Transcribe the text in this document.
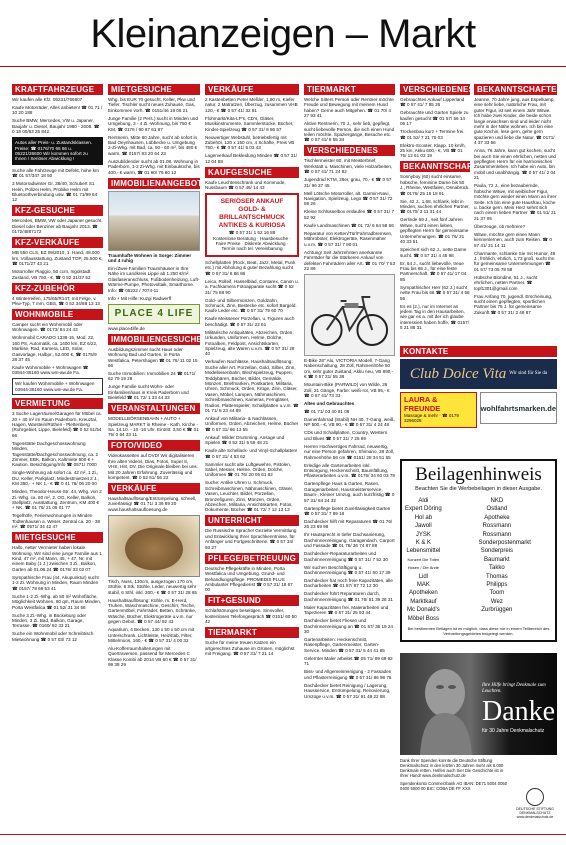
Kleinanzeigen – Markt
KRAFTFAHRZEUGE
Wir kaufen alle Kfz. 05231/766607
Kaufe Motorräder, Alles anbieten! ☎ 01 71 / 10 20 188
Suche BMW, Mercedes, VW u. Japaner, Baujahr u. Diesel, Baujahr 1980 - 2008. ☎ 0 18 00/63 25 842
Autos aller Preis- u. Zustandsklassen. Preise: ☎ 0176/70 66 66 u. 05221/36600 Wir kommen sofort zu Ihnen ! Seriöser Abwicklung !
Suche alle Fahrzeuge mit Defekt, hohe km ☎ 01 57/347 18 50
3 Motorradwinter Gr. 38/40, Schubert S1 Helm, Polizei Helm, Probike Helm mit Bluetoothverbindung usw. ☎ 01 71/99 64 12
KFZ-GESUCHE
Mercedes, BMW, VW oder Japaner gesucht. Diesel oder Benziner ab Baujahr 2013. ☎ 0172/4887172
KFZ-VERKÄUFE
MB 550 CLS, EZ 09/2010, 1. Hand, 48.000 km, Vollausstattung, Zustand TOP, 25.500 €, ☎ 0171/27 43 21
Motorroller Piaggio, 50 ccm, Ingolstadt Zustand, VB 750,- €, ☎ 0 52 31/37 52
KFZ-ZUBEHÖR
4 Winterreifen, 175/65/R14T, mit Felge, v. Pkw-Typ, 7 mm, GBS, ☎ 0 52 34/88 13 13
WOHNMOBILE
Camper sucht ein Wohnmobil oder Wohnwagen. ☎ 0173/ 84 24 43
Wohnmobil CARADO 1338-15, Mod. 22, 160 PS, Automatik, ca. 1400 km, EZ 6/22, Markise, Rad, Kamera, LED, Solar, Gasvorlage, Halbpr., 52.000 €, ☎ 0175/9 28 37 45
Kaufe Wohnmobile + Wohnwagen ☎ 03944-36160 www.wm-aw.de Fa.
Wir kaufen Wohnmobile + Wohnwagen 03944-36160 www.wm-aw.de Fa.
VERMIETUNG
3 Suche Lagerräume/Garagen für Möbel ca. 20 + 40 m² im Raum Paderborn, Kreuztal, Hagen, Warstein/Rüthen - Plettenberg (Ruhrgebiet, Lippe, Bielefeld) ☎ 0 52 51/54 66
Tagesstätte Dachgeschosswohnung Minden, Tagesstätte/Dachgeschosswohnung, ca. 2 Zimmer, EBK, Balkon, Kaltmiete 600 € + Kaution. Besichtigung/Info ☎ 0571/ 7000
Single-Wohnung ab sofort ca. 42 m², 1 Zi., DU, Keller, Parkplatz, Mindestmietzeit 2 J., KM 350,- + NK 1,- € ☎ 0 41 76/ 06 20 00
Minden, Theodor-Heuss-Str. 44, Whg. von 2 Zi.-Whg. ca. 60 m², 2. OG, Keller, Balkon, Stellplatz, Ausstattung, Zentrum, KM 400 € + NK. ☎ 01 76/ 21 06 01 77
Tegelhöfe, Ferienwohnungen in Minden Todtenhausen a. Weser. Zentral ca. 20 - 38 m². ☎ 0571/ 34 42 47
MIETGESUCHE
Hallo, netter Vermieter haben lokale Wohnung, Wir sind eine junge Familie aus 1 Kind, 47 m², mit Mann, 45, + 47, Nr. mit einem Baby (1 J.) zwischen 3 Zi., Balkon, Garten ab 01.06.24 ☎ 0176/ 33 02 07
Sympathische Frau (44, Akupunktur) sucht 1-2 Zi. Wohnung in Minden, Raum Minden ☎ 0157/ 78 66 53 41
Suche 1-2 Zi.-Whg. ab 50 m² Wohnfläche, Möglichkeit Wohnen, 60 qm, Raum Minden, Porta Westfalica ☎ 01 52/ 31 34 56
Suche 3 Zi.-Whg. in Bückeburg oder Minden, 3 Zi. Bad, Balkon, Garage, Terrasse. ☎ 0160/ 92 33 21
Suche ein Wohnmobil oder Schreibtisch Mietwohnung ☎ 0 57 03/ 73 12
MIETGESUCHE
Whg. bis EUR 70 gesucht, Keller, Pkw und Tiefer. Tischler sucht neues Zuhause, Gas, Einkommen vorh. ☎ 0151/46 19 06 21
Junge Familie (2 Pers.) sucht in Minden und Umgebung, 3 - 4 Zi.-Wohnung, bis 750 € KM, ☎ 0176 / 90 67 61 87
Rentnerin, Mitte 60 Jahre, sucht ab sofort in Bad Oeynhausen, Lübbecke u. Umgebung 2-Zi-Whg. mit Bad, ca. 50 - 60 m², bis 480 € warm, ☎ 0157/ 83 20 64 23
Auszubildender sucht ab 01.08. Wohnung in Paderborn, 1-2 Zi-Whg. mit Einbauküche, bis 400,- € warm, ☎ 01 60/ 76 60 12
IMMOBILIENANGEBOTE
Traumhafte Wohnen in Sorge: Zimmer und 4 ruhig
Ein-/Zwei-Familien Traumhäuser in Ihre Nähe im Landkreis Lippe ab 1.250 €/m². Glasfaseranschluss, Fußbodenheizung, Luft-Wärme-Pumpe, Photovoltaik, Smarthome. Info: ☎ 05222 / 7074-11
Info + Mit Hilfe: Kuzgi Radwerff
PLACE 4 LIFE
www.place4life.de
IMMOBILIENGESUCHE
Ausbildungszimmer sucht Haus oder Wohnung Bad und Garten, in Porta Westfalica, Petershagen ☎ 01 76/ 11 02 15 66
Suche Immobilien: Immobilien 24 ☎ 0171/ 62 79 19 28
Junge Familie sucht Wohn- oder Einfamilienhaus in Kreis Paderborn und Bielefeld ☎ 01 72/ 1 33 44 33
VERANSTALTUNGEN
MODELLBÖRSENBAHN + AUTO + Spielzeug MARKT in Rheine - Kath. Kirche - Sa. 14.10. - 10 -16 Uhr. Eintritt: 3,50 € ☎ 01 75/ 0 64 33 11
FOTO/VIDEO
Videokassetten auf DVD! Wir digitalisieren Ihre alten Videos, Dias, Fotos, Super 8, VHS, Hi8, DV. Die Originale bleiben bei uns. Mit 20 Jahren Erfahrung. Zuverlässig und kompetent. ☎ 0 52 51/ 56 22
VERKÄUFE
Haushaltsauflösung/Entrümpelung, schnell, zuverlässig! ☎ 01 71/ 3 36 89 20 www.haushaltsaufloesung.de
Tisch, Nuss, 130cm, ausgezogen 170 cm, Stühle, 6 Stk. Stühle, Leder, neuwertig sehr stabil, 6 Sthl. inkl. 300,- € ☎ 0 57 31/ 28 65
Haushaltsauflösung: Kühle, m. E-Herd, Truhen, Waschmaschine, Geschirr, Tische, Gartenmöbel, Fahrräder, Betten, Schränke, Wäsche, Bücher, Elektrogeräte u.v.m. nur gegen Gebot. ☎ 0 57 44/ 92 43
Aquarium, 4 Becken, 130 x 50 x 50 cm mit Unterschrank, Lichtleiste, Heizstab, Filter, Mittelmoos, 160,- € ☎ 0 57 31/ 4 00 32
Alu-Kofferraumhalterungen mit Quertraversen, passend für Mercedes C Klasse Kombi ab 2014 VB 60 € ☎ 0 57 31/ 99 38 29
VERKÄUFE
2 Kastenbetten Peter Meßler, 1,90 m, Kiefer natur, 2 Matratzen, Überzug, zusammen VHB 120,- € ☎ 0 57 41/ 32 81
Flohmarkt/Kita-LP's, CD's, Gläser, Musikinstrumente, Sammlerstücke, Bücher, Kinder-Spielzeug ☎ 0 57 31/ 8 86 57
Neuwertiger Webstuhl, betriebsfertig mit Zubehör, 120 x 150 cm, 4 Schäfte, Preis VB 750,- € ☎ 0 57 41/ 5 03 43
Lagerverkauf Bekleidung Minden ☎ 0 57 31/ 12 04 88
KAUFGESUCHE
Kaufe Leuchtenschrank und Kommode, Nussbaum ☎ 0 57 46/ 14 43
SERIÖSER ANKAUF
GOLD- & BRILLANTSCHMUCK
ANTIKES & KURIOSA
☎ 0 57 31/ 1 52 16 88
Kostenlose Beratung · Hausbesuche · Faire Preise · Diskrete Abwicklung · Termin nach tel. Vereinbarung
Schellplatten (Rock, Beat, Jazz, Metal, Punk etc.) mit Abholung & guter Bezahlung sucht ☎ 0 57 31/ 8 86 86
Leica, Rolleif, Hasselblad, Contarex, Canon u. a. Fachkamera Fotoapparate sucht ☎ 0 52 31/ 75 88 90
Gold- und Silbermünzen, Goldzahn, Schmuck, Zinn, Bestecke etc. sofort Bargeld. Kaufe Leder etc. ☎ 0 57 31/ 79 60 70
Kaufe Meissener Porzellan, u. Figuren auch beschädigt. ☎ 0 57 31/ 22 61
Militärische Antiquitäten, Abzeichen, Orden, Urkunden, Uniformen, Helme, Dolche, Fotoalben, Feldpost, Ansichtskarten, Spielzeug, alte Waren u.v.m. ☎ 0 57 31/ 28 40
Verkaufen Nachlässe, Haushaltsauflösung: Suche aller Art. Porzellan, Gold, Silber, Zinn, Modelleisenbahn, Blechspielzeug, Puppen, Teddybären, Bücher, Bilder, Gemälde, Münzen, Briefmarken, Postkarten, Militaria, Uhren, Schmuck, Orden, Krüge, Zinn, Gläser, Vasen, Möbel, Lampen, Nähmaschinen, Schreibmaschinen, Kameras, Ferngläser, Radios, Plattenspieler, Schallplatten u.v.m. ☎ 01 71/ 8 23 44 89
Ankauf von Militaria- & Nachlässen, Uniformen, Orden, Abzeichen, Helme, Bücher ☎ 0 57 31/ 66 13 55
Ankauf: Wilder Drumming, Ansage und Spielen ☎ 0 52 31/ 5 55 48 21
Kaufe alte Schellack- und Vinyl-Schallplatten! ☎ 0 57 31/ 4 53 62
Sammler sucht alte Luftgewehre, Pistolen, Säbel, Messer, Helme, Orden, Dolche, Uniformen ☎ 01 76/ 20 06 61 82
Suche: Antike Uhren u. Schmuck, Schreibmaschinen, Nähmaschinen, Gläser, Vasen, Leuchter, Bilder, Porzellan, Bronzefiguren, Zinn, Münzen, Orden, Abzeichen, Militaria, Ansichtskarten, Fotos, Dokumente, Bücher ☎ 01 72/ 7 12 13 13
UNTERRICHT
Die Russische Sprache! Gezielte Vermittlung und Entwicklung Ihrer Sprachkenntnisse, für Anfänger und Fortgeschrittene. ☎ 0 57 34/ 93 27
PFLEGE/BETREUUNG
Deutsche Pflegekräfte in Minden, Porta Westfalica und Umgebung. Grund- und Behandlungspflege. PROMEDIS PLUS Ambulanter Pflegedienst ☎ 0 57 31/ 18 67 00
FIT+GESUND
Schlafstörungen beseitigen. Sinnvoller, kostenloses Telefongespräch ☎ 0151/ 60 50 42
TIERMARKT
Suche für meine treuen Katzen ein artgerechtes Zuhause im Grünen, möglichst mit Freigang. ☎ 0 57 31/ 7 21 14
TIERMARKT
Welche Sitters Person oder Rentner möchte Freude und Bewegung mit meinem Hund haben? Gerne auch Mitgehen. ☎ 01 70/ 4 27 93 41
Aktive Rentnerin, 70 J., sehr lieb, gepflegt, sucht liebevolle Person, die sich einen Hund teilen möchte. Spaziergänge, Besuche etc. ☎ 0 57 41/ 8 55 34
VERSCHIEDENES
Tischlermeister 60, mit Meisterbrief, Werkstatt u. Maschinen, viele Holzarbeiten, ☎ 0 57 41/ 71 24 82
Jugendrad KTM, 26er, grau, 70,- € ☎ 0 57 31/ 96 37 45
Mell Lötsche Motorroller, alt. Garmin-Navi, Navigation, Spielzeug, Lego ☎ 0 57 31/ 72 59 26
Kleine Schlüsselbox entlaufen ☎ 0 57 31/ 7 52 92
Kaufe Landmaschinen ☎ 01 72/ 6 64 58 66
Reparatur von Ketten/Tür/Fahrradbremsen, Mähroboter, Elektrogeräte, Rasenmäher u.v.m. ☎ 0 57 31/ 7 90 01
Achtung! Seit Jahrzehnten anerkannte Fahrräder für die Stärkeren Ankauf von defekten Fahrrädern aller Art. ☎ 01 70/ 7 53 22 86
E-Bike 28" Alu, VICTORIA Modell, 7-Gang Nabenschaltung, 28 Zoll, Rahmenhöhe 50 cm, sehr guter Zustand, Akku neu, VB 890,- € ☎ 0 57 31/ 55 38
Mountain-Bike (PARWILD) von Wilde, 26 Zoll, 21 Gänge, Farbe: weiß-rot, VB 95,- € ☎ 0 57 41/ 73 33
Altes und Gebrauchtes
☎ 01 71/ 03 40 81 06
Damenfahrrad (Stabil) NH 40, 7-Gang, weiß, NP 500,- €, VB 90,- € ☎ 0 57 31/ 4 24 48
CDs und Schallplatten, Country, Western und Blues ☎ 0 57 31/ 7 25 69
Herren Hochwertiges Fahrrad, neuwertig, nur eine Person gefahren, Shimano, 28 Zoll, Rahmenhöhe 56 cm ☎ 0151/ 28 34 51 65
Erledige alle Gartenarbeiten inkl. Entsorgung, Heckenschnitt, Baumfällung, Pflasterarbeiten u.v.m. ☎ 0176/ 34 60 03 79
Gartenpflege Haus & Garten, Rasen, Garagenarbeiten, Hausmeisterservice, Baum-, Kleiner Umzug, auch kurzfristig ☎ 0 57 31/ 84 24 32
Gartenpflege bietet Zuverlässigkeit Garten ☎ 0 57 31/ 7 89 18
Dachdecker hilft mit Reparaturen ☎ 01 76/ 26 23 69 98
Ihr Hautsprecht in tiefer Dachsanierung, Dachrinnenreinigung, Garagendach, Carport und Fassade ☎ 01 76/ 36 74 87 88
Dachdecker-Reparaturarbeiten und Dachrinnenreinigung ☎ 0 57 31/ 7 52 30
Wir suchen Beschäftigung u. Dachrinnenreinigung ☎ 0 57 41/ 50 17 39
Dachdecker hat noch freie Kapazitäten, alle Dacharbeiten ☎ 01 57/ 87 72 12 30
Dachdecker führt Reparaturen durch, Dachrinnenreinigung ☎ 01 76/ 51 39 28 31
Maler Kapazitäten frei. Malerarbeiten und Tapezieren ☎ 0 57 31/ 25 93 44
Dachdecker bietet Fliesen und Dachrinnenreinigung an ☎ 01 57/ 36 19 24 30
Gartenarbeiten: Heckenschnitt, Rasenpflege, Gartenmeister, Garten-Service. Minden ☎ 0 57 31/ 5 44 41 65
Gelernter Maler arbeitet ☎ 05 71/ 89 69 92 71
Biss- und Allgemeinreinigung - 2 Fassaden und Pflasterreinigung ☎ 0 57 31/ 86 98 76
Dachdecker bietet Reinigung / Lagerung, Hausservice, Entrümpelung, Renovierung, Umzüge u.v.m. ☎ 0 57 31/ 91 48 22 88
VERSCHIEDENES
Gebrauchtes Ankauf Lipperland ☎ 0 57 41/ 7 85 26
Gebrauchte und Garten Spiele zu kaufen gesucht ☎ 01 57/ 56 14 05 17
Trockenbau kurz + Termine frei. ☎ 01 52/ 7 21 75 03
Elektro-Scooter, Klapp. 10 km/h, 25 km, Akku 600,- €, VB ☎ 01 76/ 12 61 03 19
BEKANNTSCHAFTEN
Sonnyboy (60) sucht einsame, hübsche, feminine Dame bis 50 J., Rheine, Westfalen, Osnabrück. ☎ 0176/ 25 15 18 91
Sie, 42 J., 1,68, schlank, lebt in Minden, suchen ehrlichen Partner, ☎ 0170/ 3 11 31 44
Gerlinde 69 J., seit fünf Jahren Witwe, sucht einen lieben, gepflegten Herrn für gemeinsame Unternehmungen. ☎ 01 76/ 21 40 33 51
Speichert sich 62 J., nette Dame sucht. ☎ 0 57 31/ 4 45 98
Er, 64 J., sucht liebevolle, treue Frau bis 65 J., für eine feste Partnerschaft. ☎ 0 57 41/ 17 04 85
Sympathischer Herr (62 J.) sucht nette Frau bis 66 ☎ 0 57 31/ 4 56 56
Es es (2.), nur im Internet an jedem Tag in den Hausarbeiten, wie gar es a. mit der ich glaube interessiert haben hoffe, ☎ 0157/ 5 21 88 31
KONTAKTE
Club Dolce Vita Wir sind für Sie da
LAURA & FREUNDE
Massage & mehr · ☎ 0179 3296028
wohlfahrtsmarken.de
BEKANNTSCHAFTEN
Jeanne, 70 Jahre jung, aus Espelkamp, eine sehr liebe, natürliche Frau, mit guter Figur, ist seit einem Jahr Witwe. Ich habe zwei Kinder, die beide schon lange erwachsen sind und leider nicht mehr in der Nähe wohnen. Ich bin eine gute Köchin, lese gern, gehe gern spazieren und liebe die Natur. ☎ 0171/ 4 37 33 66
Anna, 76 Jahre, kann gut kochen, sucht bei auch Sie einen ehrlichen, netten und gepflegten Herrn für ein harmonisches Zusammenleben. Ich habe ein Auto, bin mobil und unabhängig. ☎ 0 57 41/ 2 04 21
Paula, 72 J., eine bezaubernde, hübsche Witwe, mit weiblicher Figur, möchte gern wieder einen Mann an ihrer Seite. Ich bin eine gute Hausfrau, koche u. backe gern. Mein Herz sehnt sich nach einem lieben Partner. ☎ 01 51/ 21 21 37 05
Überzeuge, ob mehrere?
Witwe, möchte gern einen Mann kennenlernen, auch zum Reisen. ☎ 0 57 41/ 31 14 11
Charmante, schlanke Sie mit Humor, 49 J., fröhlich, ehrlich, 1,73 groß, sucht Ihn für gemeinsame Unternehmungen ☎ 01 57/ 73 05 78 58
Hübsche Blondine, 51 J., sucht ehrlichen, netten Partner. ☎ topf1301@gmail.com
Frau Anfang 70, jugendl. Erscheinung, sucht einen gepflegten, sportlichen Partner bis 75 J. für gemeinsame Zukunft ☎ 0 57 31/ 2 46 87
Beilagenhinweis
Beachten Sie die Werbebeilagen in dieser Ausgabe.
Aldi
Expert Döring
Hol ab
Jawoll
JYSK
K & K Lebensmittel
Konzert Die Toten Hosen / Die Ärzte
Lidl
MAK Apotheken
Marktkauf
Mc Donald's
Möbel Boss
NKD
Ostland Apotheke
Rossmann
Rossmann
Sonderpostenmarkt
Sonderpreis Baumarkt
Takko
Thomas Philipps
Toom
Wez
Zurbrüggen
Bei bestimmten Beilagen ist es möglich, dass diese nur in einem Teilbereich des Verbreitungsgebietes beigelegt werden.
Ihre Hilfe bringt Denkmale zum Leuchten.
Danke
für 30 Jahre Denkmalschutz
Dank Ihrer Spenden konnte die Deutsche Stiftung Denkmalschutz in den letzten 30 Jahren mehr als 6.000 Denkmale retten. Helfen auch Sie! Die Geschichte ist in Ihrer Hand! www.denkmalschutz.de
Spendenkonto Commerzbank AG IBAN: DE71 5004 0050 0400 5000 00 BIC: COBA DE FF XXX
DEUTSCHE STIFTUNG DENKMALSCHUTZ
www.denkmalschutz.de
